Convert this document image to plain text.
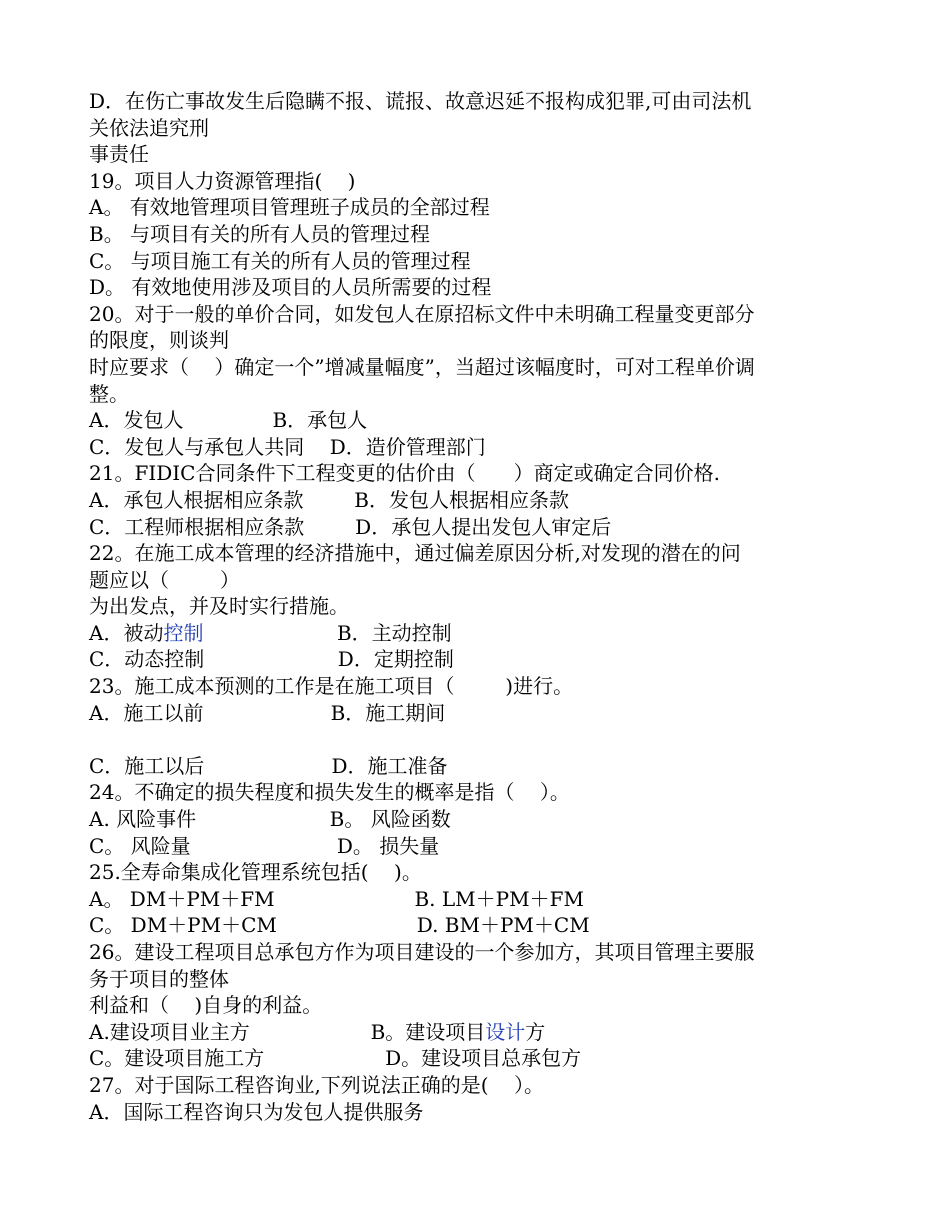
D．在伤亡事故发生后隐瞒不报、谎报、故意迟延不报构成犯罪,可由司法机
关依法追究刑
事责任
19。项目人力资源管理指(    )
A。 有效地管理项目管理班子成员的全部过程
B。 与项目有关的所有人员的管理过程
C。 与项目施工有关的所有人员的管理过程
D。 有效地使用涉及项目的人员所需要的过程
20。对于一般的单价合同，如发包人在原招标文件中未明确工程量变更部分
的限度，则谈判
时应要求（    ）确定一个”增减量幅度”，当超过该幅度时，可对工程单价调
整。
A．发包人              B．承包人
C．发包人与承包人共同    D．造价管理部门
21。FIDIC合同条件下工程变更的估价由（      ）商定或确定合同价格.
A．承包人根据相应条款        B．发包人根据相应条款
C．工程师根据相应条款        D．承包人提出发包人审定后
22。在施工成本管理的经济措施中，通过偏差原因分析,对发现的潜在的问
题应以（        ）
为出发点，并及时实行措施。
A．被动控制	B．主动控制
C．动态控制                     D．定期控制
23。施工成本预测的工作是在施工项目（        )进行。
A．施工以前                    B．施工期间
C．施工以后                    D．施工准备
24。不确定的损失程度和损失发生的概率是指（    ）。
A. 风险事件                     B。 风险函数
C。 风险量                       D。 损失量
25.全寿命集成化管理系统包括(    )。
A。 DM＋PM＋FM                      B. LM＋PM＋FM
C。 DM＋PM＋CM                      D. BM＋PM＋CM
26。建设工程项目总承包方作为项目建设的一个参加方，其项目管理主要服
务于项目的整体
利益和（    )自身的利益。
A.建设项目业主方                   B。建设项目设计方
C。建设项目施工方                   D。建设项目总承包方
27。对于国际工程咨询业,下列说法正确的是(    ）。
A．国际工程咨询只为发包人提供服务
